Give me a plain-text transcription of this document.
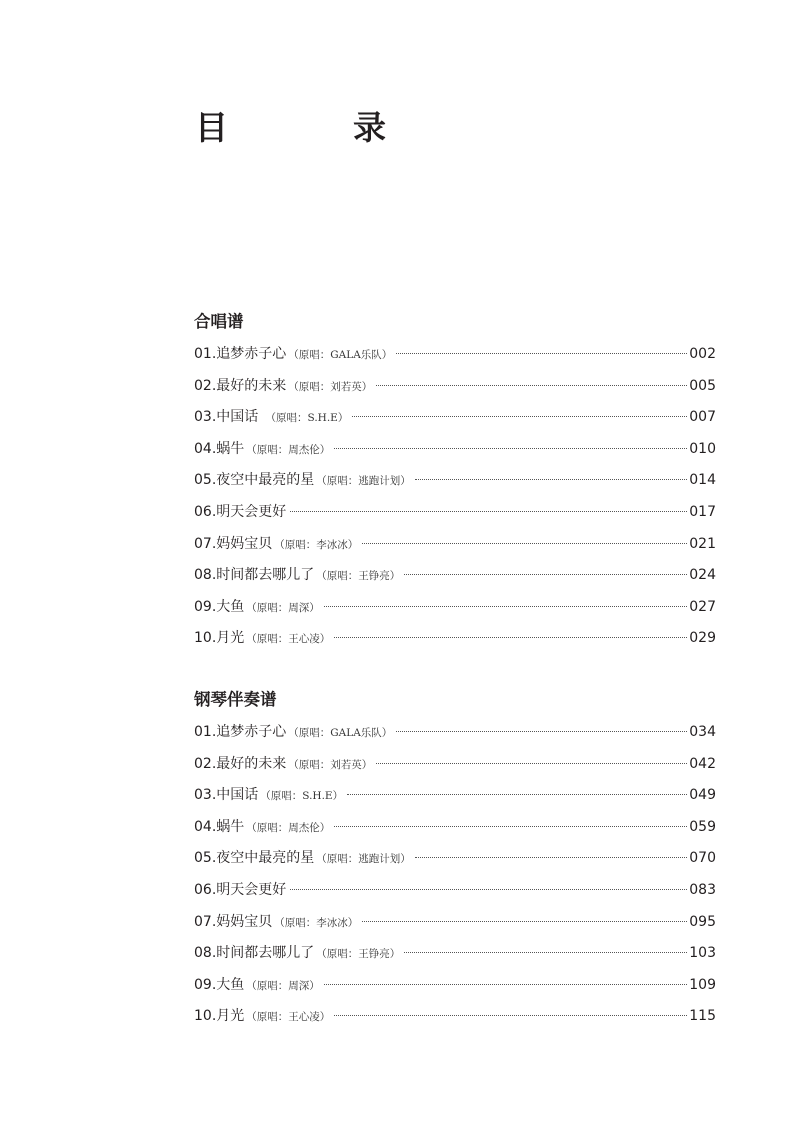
目　录
合唱谱
01. 追梦赤子心 （原唱：GALA乐队）	002
02. 最好的未来 （原唱：刘若英）	005
03. 中国话 　（原唱：S.H.E）	007
04. 蜗牛 （原唱：周杰伦）	010
05. 夜空中最亮的星 （原唱：逃跑计划）	014
06. 明天会更好	017
07. 妈妈宝贝 （原唱：李冰冰）	021
08. 时间都去哪儿了 （原唱：王铮亮）	024
09. 大鱼 （原唱：周深）	027
10. 月光 （原唱：王心凌）	029
钢琴伴奏谱
01. 追梦赤子心 （原唱：GALA乐队）	034
02. 最好的未来 （原唱：刘若英）	042
03. 中国话 （原唱：S.H.E）	049
04. 蜗牛 （原唱：周杰伦）	059
05. 夜空中最亮的星 （原唱：逃跑计划）	070
06. 明天会更好	083
07. 妈妈宝贝 （原唱：李冰冰）	095
08. 时间都去哪儿了 （原唱：王铮亮）	103
09. 大鱼 （原唱：周深）	109
10. 月光 （原唱：王心凌）	115
